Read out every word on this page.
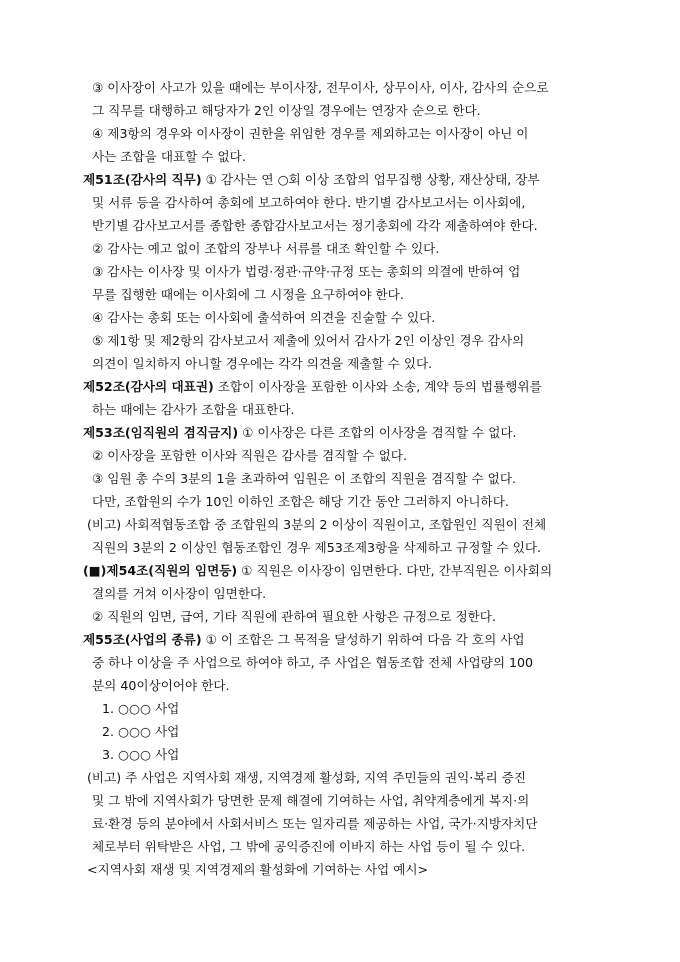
③ 이사장이 사고가 있을 때에는 부이사장, 전무이사, 상무이사, 이사, 감사의 순으로
그 직무를 대행하고 해당자가 2인 이상일 경우에는 연장자 순으로 한다.
④ 제3항의 경우와 이사장이 권한을 위임한 경우를 제외하고는 이사장이 아닌 이
사는 조합을 대표할 수 없다.
제51조(감사의 직무) ① 감사는 연 ○회 이상 조합의 업무집행 상황, 재산상태, 장부
및 서류 등을 감사하여 총회에 보고하여야 한다. 반기별 감사보고서는 이사회에,
반기별 감사보고서를 종합한 종합감사보고서는 정기총회에 각각 제출하여야 한다.
② 감사는 예고 없이 조합의 장부나 서류를 대조 확인할 수 있다.
③ 감사는 이사장 및 이사가 법령·정관·규약·규정 또는 총회의 의결에 반하여 업
무를 집행한 때에는 이사회에 그 시정을 요구하여야 한다.
④ 감사는 총회 또는 이사회에 출석하여 의견을 진술할 수 있다.
⑤ 제1항 및 제2항의 감사보고서 제출에 있어서 감사가 2인 이상인 경우 감사의
의견이 일치하지 아니할 경우에는 각각 의견을 제출할 수 있다.
제52조(감사의 대표권) 조합이 이사장을 포함한 이사와 소송, 계약 등의 법률행위를
하는 때에는 감사가 조합을 대표한다.
제53조(임직원의 겸직금지) ① 이사장은 다른 조합의 이사장을 겸직할 수 없다.
② 이사장을 포함한 이사와 직원은 감사를 겸직할 수 없다.
③ 임원 총 수의 3분의 1을 초과하여 임원은 이 조합의 직원을 겸직할 수 없다.
다만, 조합원의 수가 10인 이하인 조합은 해당 기간 동안 그러하지 아니하다.
(비고) 사회적협동조합 중 조합원의 3분의 2 이상이 직원이고, 조합원인 직원이 전체
직원의 3분의 2 이상인 협동조합인 경우 제53조제3항을 삭제하고 규정할 수 있다.
(■)제54조(직원의 임면등) ① 직원은 이사장이 임면한다. 다만, 간부직원은 이사회의
결의를 거쳐 이사장이 임면한다.
② 직원의 임면, 급여, 기타 직원에 관하여 필요한 사항은 규정으로 정한다.
제55조(사업의 종류) ① 이 조합은 그 목적을 달성하기 위하여 다음 각 호의 사업
중 하나 이상을 주 사업으로 하여야 하고, 주 사업은 협동조합 전체 사업량의 100
분의 40이상이어야 한다.
1. ○○○ 사업
2. ○○○ 사업
3. ○○○ 사업
(비고) 주 사업은 지역사회 재생, 지역경제 활성화, 지역 주민들의 권익·복리 증진
및 그 밖에 지역사회가 당면한 문제 해결에 기여하는 사업, 취약계층에게 복지·의
료·환경 등의 분야에서 사회서비스 또는 일자리를 제공하는 사업, 국가·지방자치단
체로부터 위탁받은 사업, 그 밖에 공익증진에 이바지 하는 사업 등이 될 수 있다.
<지역사회 재생 및 지역경제의 활성화에 기여하는 사업 예시>
